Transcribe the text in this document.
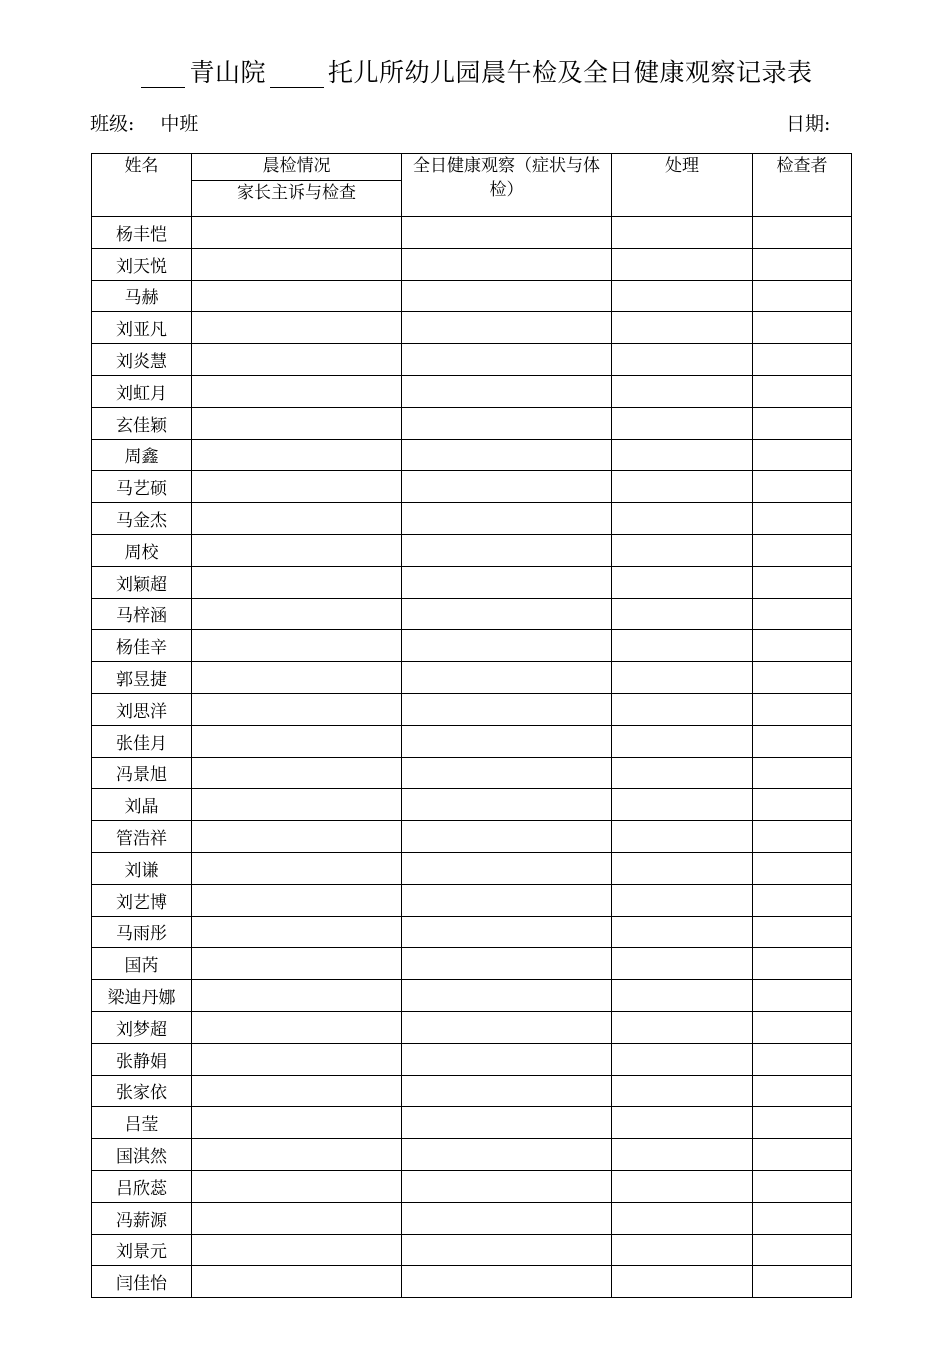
青山院 托儿所幼儿园晨午检及全日健康观察记录表
班级: 中班	日期:
姓名	晨检情况	全日健康观察（症状与体检）	处理	检查者
	家长主诉与检查			
杨丰恺				
刘天悦				
马赫				
刘亚凡				
刘炎慧				
刘虹月				
玄佳颖				
周鑫				
马艺硕				
马金杰				
周校				
刘颖超				
马梓涵				
杨佳辛				
郭昱捷				
刘思洋				
张佳月				
冯景旭				
刘晶				
管浩祥				
刘谦				
刘艺博				
马雨彤				
国芮				
梁迪丹娜				
刘梦超				
张静娟				
张家依				
吕莹				
国淇然				
吕欣蕊				
冯薪源				
刘景元				
闫佳怡				
